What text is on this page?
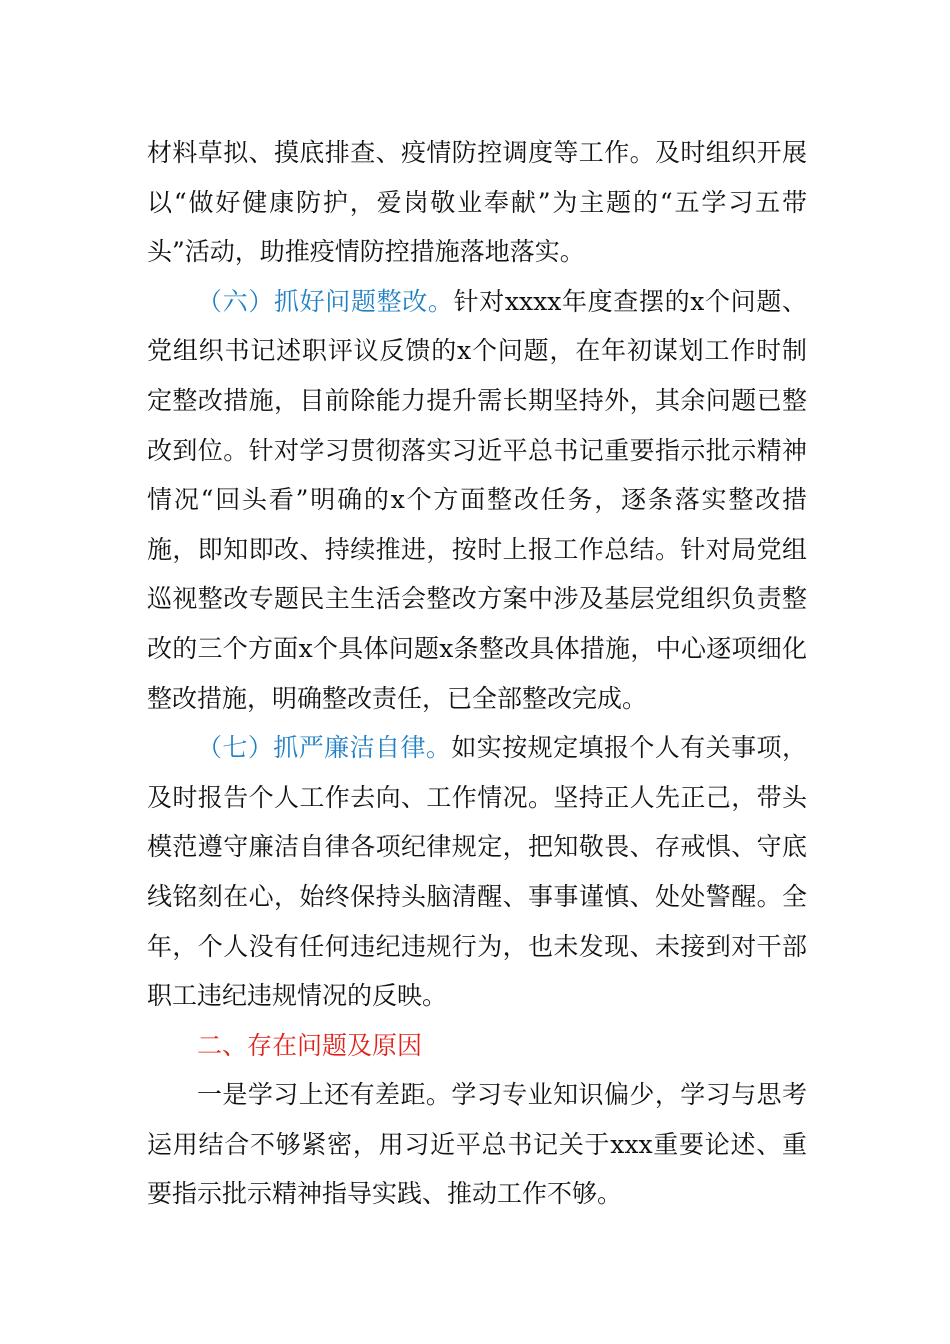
材料草拟、摸底排查、疫情防控调度等工作。及时组织开展以“做好健康防护，爱岗敬业奉献”为主题的“五学习五带头”活动，助推疫情防控措施落地落实。

（六）抓好问题整改。针对xxxx年度查摆的x个问题、党组织书记述职评议反馈的x个问题，在年初谋划工作时制定整改措施，目前除能力提升需长期坚持外，其余问题已整改到位。针对学习贯彻落实习近平总书记重要指示批示精神情况“回头看”明确的x个方面整改任务，逐条落实整改措施，即知即改、持续推进，按时上报工作总结。针对局党组巡视整改专题民主生活会整改方案中涉及基层党组织负责整改的三个方面x个具体问题x条整改具体措施，中心逐项细化整改措施，明确整改责任，已全部整改完成。

（七）抓严廉洁自律。如实按规定填报个人有关事项，及时报告个人工作去向、工作情况。坚持正人先正己，带头模范遵守廉洁自律各项纪律规定，把知敬畏、存戒惧、守底线铭刻在心，始终保持头脑清醒、事事谨慎、处处警醒。全年，个人没有任何违纪违规行为，也未发现、未接到对干部职工违纪违规情况的反映。

二、存在问题及原因

一是学习上还有差距。学习专业知识偏少，学习与思考运用结合不够紧密，用习近平总书记关于xxx重要论述、重要指示批示精神指导实践、推动工作不够。
